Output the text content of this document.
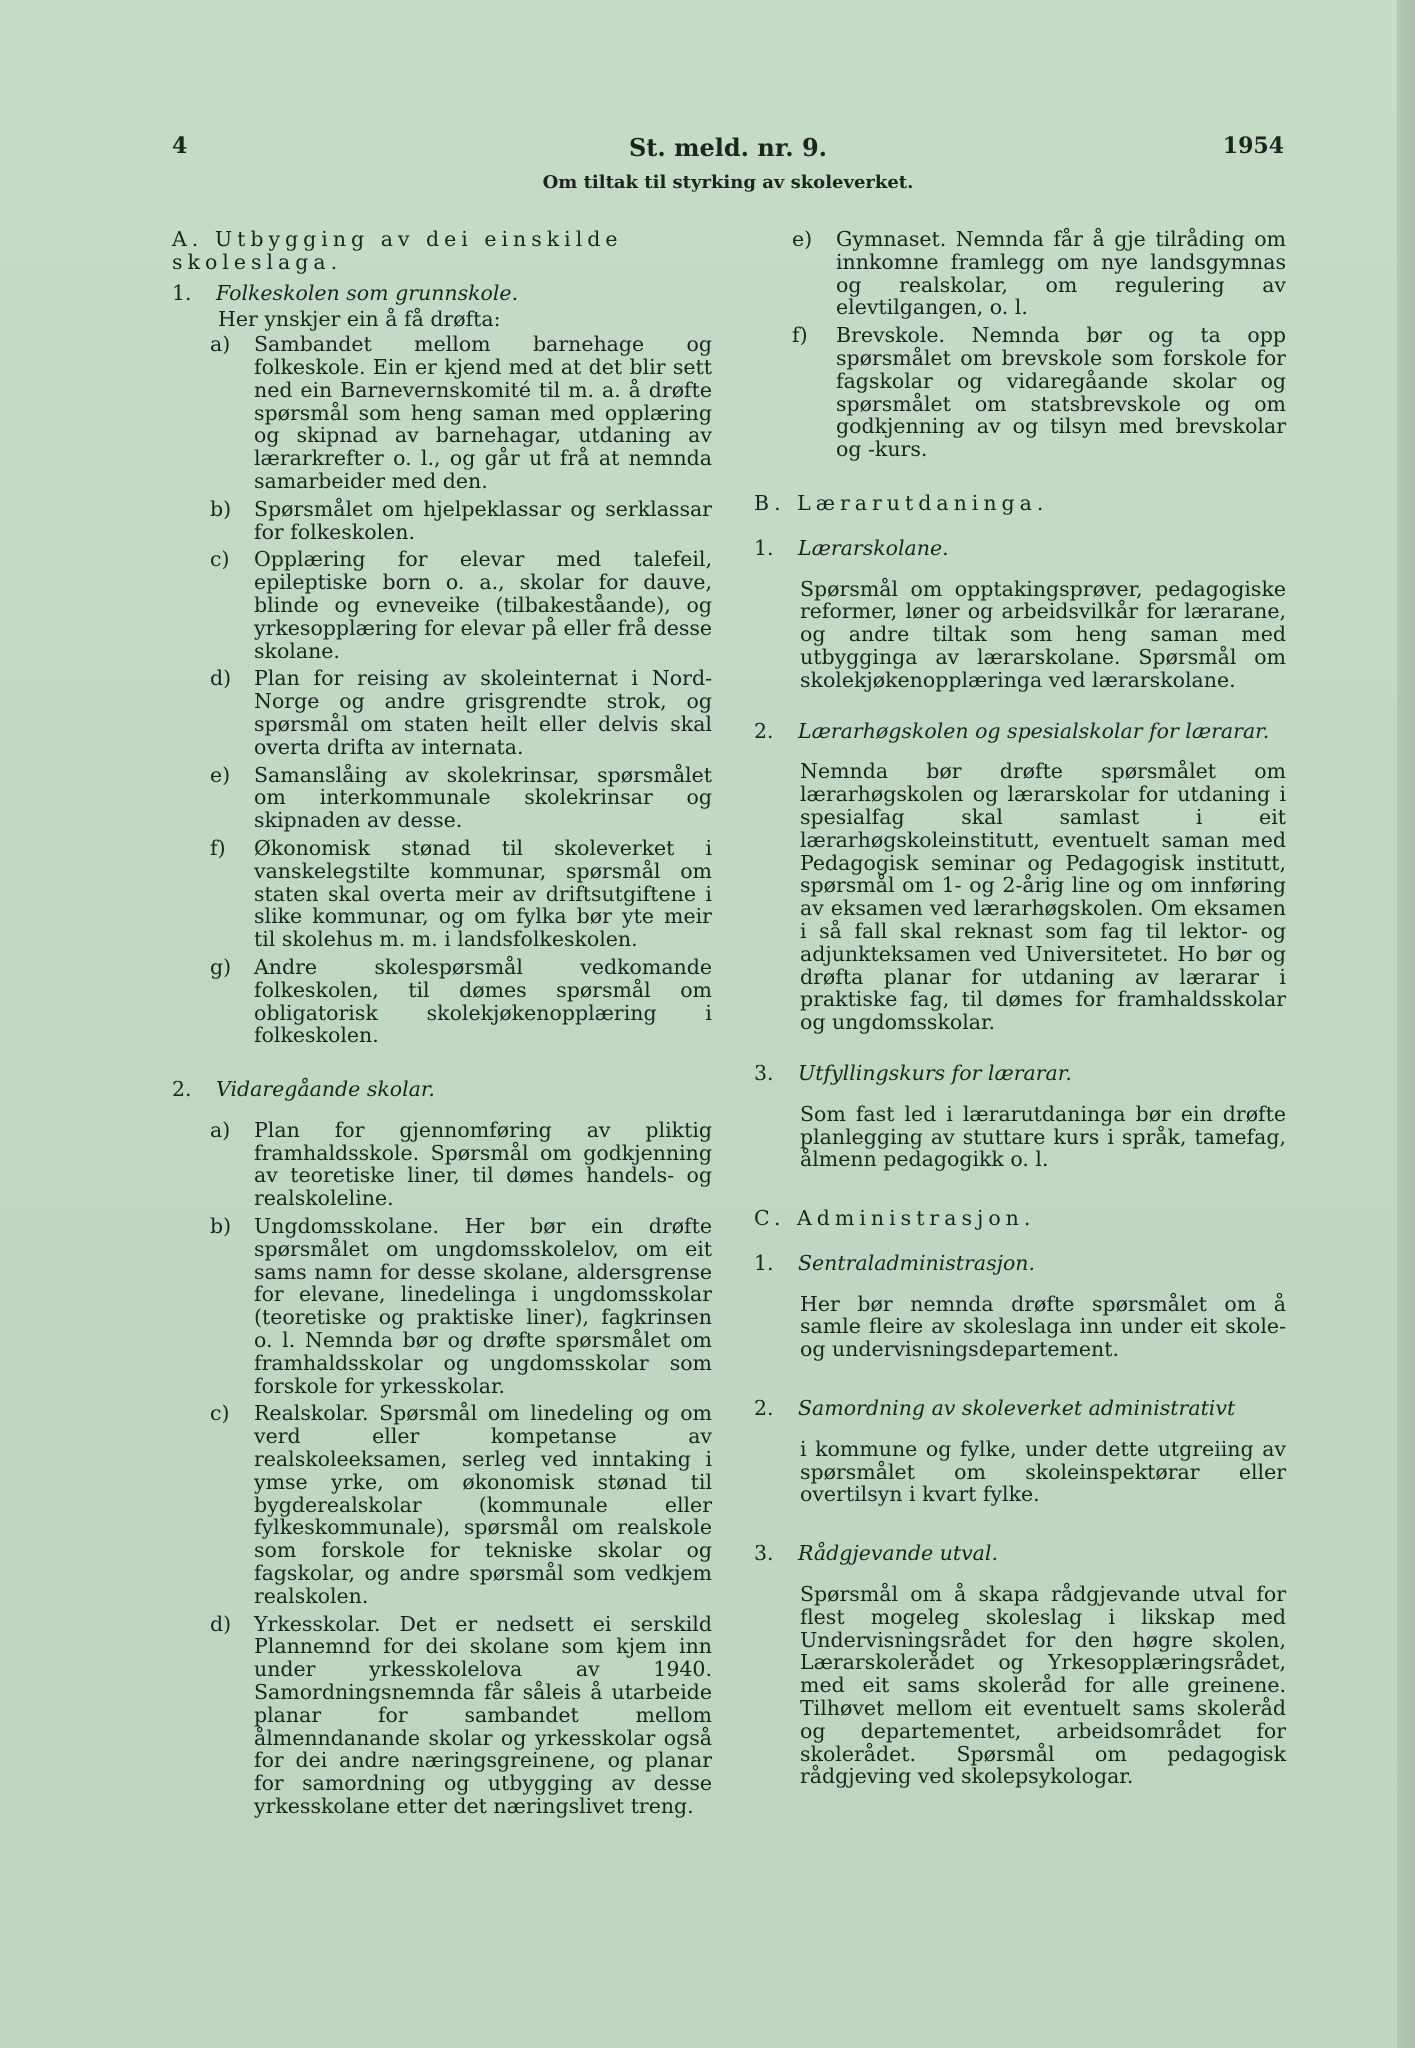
St. meld. nr. 9.
4	1954
Om tiltak til styrking av skoleverket.

A. Utbygging av dei einskilde skoleslaga.

1. Folkeskolen som grunnskole.

Her ynskjer ein å få drøfta:

a)	Sambandet mellom barnehage og folkeskole. Ein er kjend med at det blir sett ned ein Barnevernskomité til m. a. å drøfte spørsmål som heng saman med opplæring og skipnad av barnehagar, utdaning av lærarkrefter o. l., og går ut frå at nemnda samarbeider med den.
b)	Spørsmålet om hjelpeklassar og serklassar for folkeskolen.
c)	Opplæring for elevar med talefeil, epileptiske born o. a., skolar for dauve, blinde og evneveike (tilbakeståande), og yrkesopplæring for elevar på eller frå desse skolane.
d)	Plan for reising av skoleinternat i Nord-Norge og andre grisgrendte strok, og spørsmål om staten heilt eller delvis skal overta drifta av internata.
e)	Samanslåing av skolekrinsar, spørsmålet om interkommunale skolekrinsar og skipnaden av desse.
f)	Økonomisk stønad til skoleverket i vanskelegstilte kommunar, spørsmål om staten skal overta meir av driftsutgiftene i slike kommunar, og om fylka bør yte meir til skolehus m. m. i landsfolkeskolen.
g)	Andre skolespørsmål vedkomande folkeskolen, til dømes spørsmål om obligatorisk skolekjøkenopplæring i folkeskolen.

2. Vidaregåande skolar.

a)	Plan for gjennomføring av pliktig framhaldsskole. Spørsmål om godkjenning av teoretiske liner, til dømes handels- og realskoleline.
b)	Ungdomsskolane. Her bør ein drøfte spørsmålet om ungdomsskolelov, om eit sams namn for desse skolane, aldersgrense for elevane, linedelinga i ungdomsskolar (teoretiske og praktiske liner), fagkrinsen o. l. Nemnda bør og drøfte spørsmålet om framhaldsskolar og ungdomsskolar som forskole for yrkesskolar.
c)	Realskolar. Spørsmål om linedeling og om verd eller kompetanse av realskoleeksamen, serleg ved inntaking i ymse yrke, om økonomisk stønad til bygderealskolar (kommunale eller fylkeskommunale), spørsmål om realskole som forskole for tekniske skolar og fagskolar, og andre spørsmål som vedkjem realskolen.
d)	Yrkesskolar. Det er nedsett ei serskild Plannemnd for dei skolane som kjem inn under yrkesskolelova av 1940. Samordningsnemnda får såleis å utarbeide planar for sambandet mellom ålmenndanande skolar og yrkesskolar også for dei andre næringsgreinene, og planar for samordning og utbygging av desse yrkesskolane etter det næringslivet treng.
e)	Gymnaset. Nemnda får å gje tilråding om innkomne framlegg om nye landsgymnas og realskolar, om regulering av elevtilgangen, o. l.
f)	Brevskole. Nemnda bør og ta opp spørsmålet om brevskole som forskole for fagskolar og vidaregåande skolar og spørsmålet om statsbrevskole og om godkjenning av og tilsyn med brevskolar og -kurs.

B. Lærarutdaninga.

1. Lærarskolane.

Spørsmål om opptakingsprøver, pedagogiske reformer, løner og arbeidsvilkår for lærarane, og andre tiltak som heng saman med utbygginga av lærarskolane. Spørsmål om skolekjøkenopplæringa ved lærarskolane.

2. Lærarhøgskolen og spesialskolar for lærarar.

Nemnda bør drøfte spørsmålet om lærarhøgskolen og lærarskolar for utdaning i spesialfag skal samlast i eit lærarhøgskoleinstitutt, eventuelt saman med Pedagogisk seminar og Pedagogisk institutt, spørsmål om 1- og 2-årig line og om innføring av eksamen ved lærarhøgskolen. Om eksamen i så fall skal reknast som fag til lektor- og adjunkteksamen ved Universitetet. Ho bør og drøfta planar for utdaning av lærarar i praktiske fag, til dømes for framhaldsskolar og ungdomsskolar.

3. Utfyllingskurs for lærarar.

Som fast led i lærarutdaninga bør ein drøfte planlegging av stuttare kurs i språk, tamefag, ålmenn pedagogikk o. l.

C. Administrasjon.

1. Sentraladministrasjon.

Her bør nemnda drøfte spørsmålet om å samle fleire av skoleslaga inn under eit skole- og undervisningsdepartement.

2. Samordning av skoleverket administrativt

i kommune og fylke, under dette utgreiing av spørsmålet om skoleinspektørar eller overtilsyn i kvart fylke.

3. Rådgjevande utval.

Spørsmål om å skapa rådgjevande utval for flest mogeleg skoleslag i likskap med Undervisningsrådet for den høgre skolen, Lærarskolerådet og Yrkesopplæringsrådet, med eit sams skoleråd for alle greinene. Tilhøvet mellom eit eventuelt sams skoleråd og departementet, arbeidsområdet for skolerådet. Spørsmål om pedagogisk rådgjeving ved skolepsykologar.
